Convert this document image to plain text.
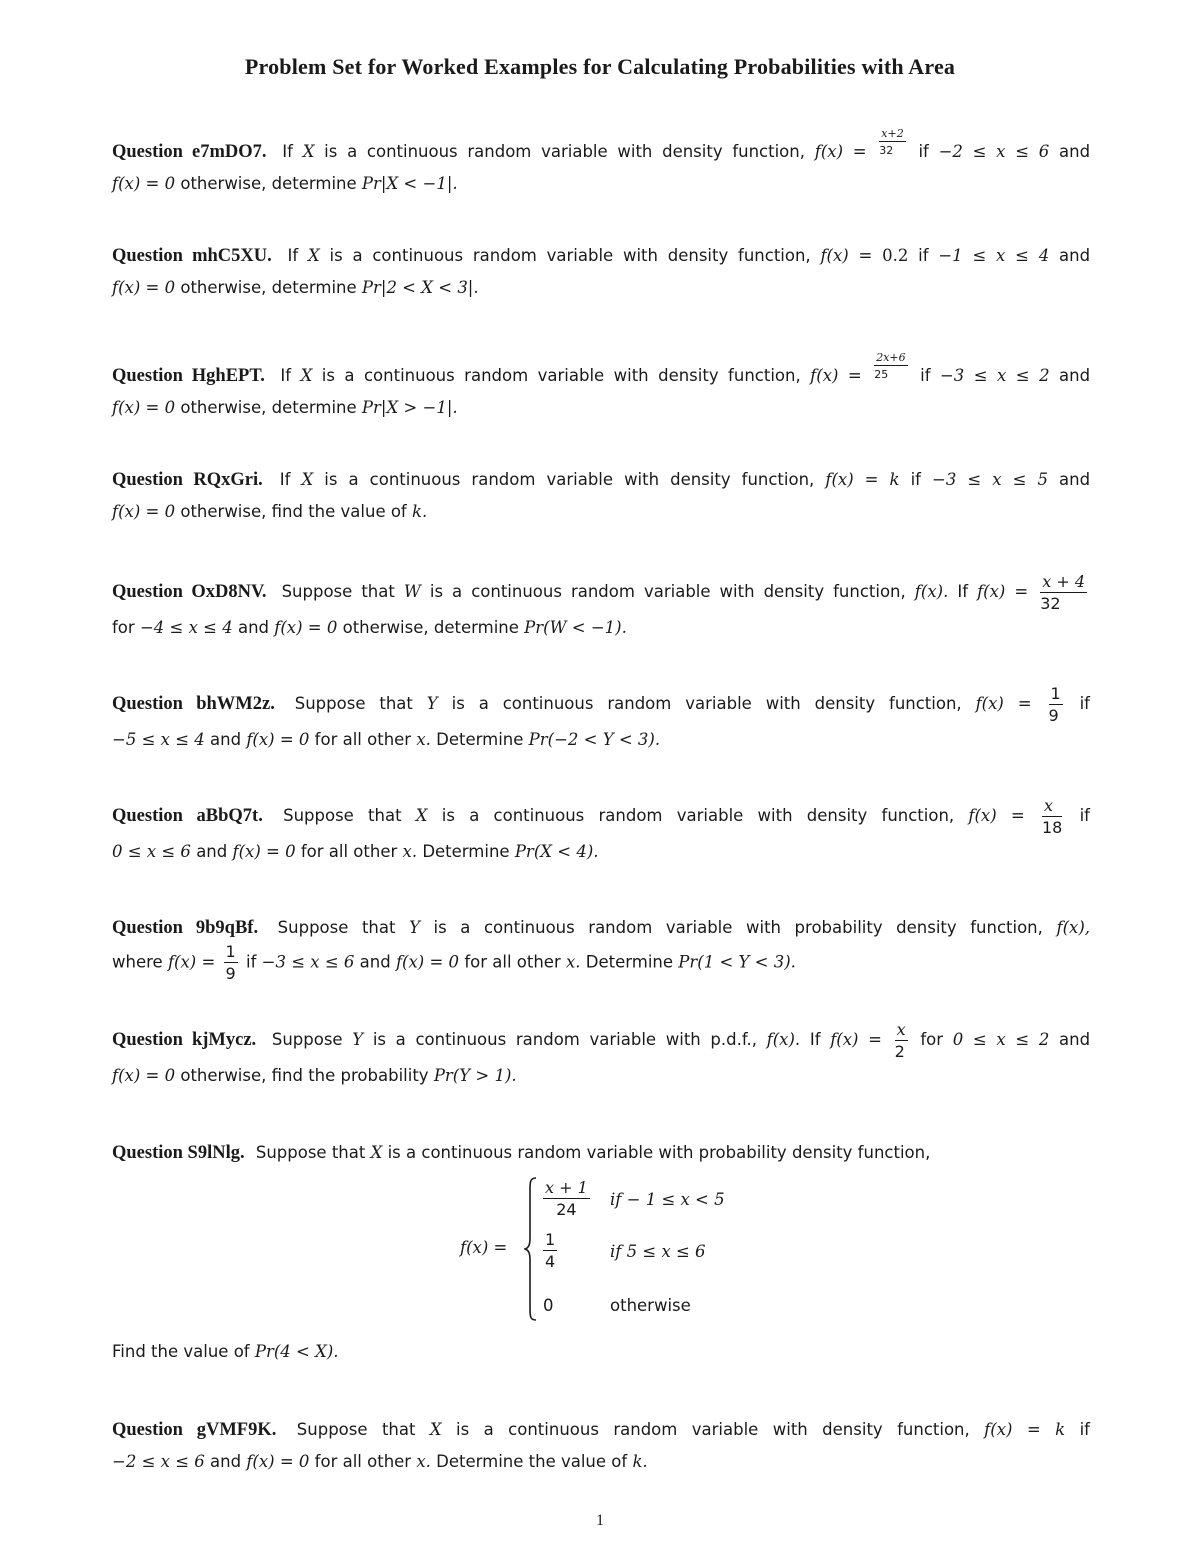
Problem Set for Worked Examples for Calculating Probabilities with Area
Question e7mDO7. If X is a continuous random variable with density function, $f(x) = \frac{x+2}{32}$ if −2 ≤ x ≤ 6 and
f(x) = 0 otherwise, determine Pr|X < −1|.
Question mhC5XU. If X is a continuous random variable with density function, f(x) = 0.2 if −1 ≤ x ≤ 4 and
f(x) = 0 otherwise, determine Pr|2 < X < 3|.
Question HghEPT. If X is a continuous random variable with density function, $f(x) = \frac{2x+6}{25}$ if −3 ≤ x ≤ 2 and
f(x) = 0 otherwise, determine Pr|X > −1|.
Question RQxGri. If X is a continuous random variable with density function, f(x) = k if −3 ≤ x ≤ 5 and
f(x) = 0 otherwise, find the value of k.
Question OxD8NV. Suppose that W is a continuous random variable with density function, f(x). If $f(x) = \frac{x + 4}{32}$
for −4 ≤ x ≤ 4 and f(x) = 0 otherwise, determine Pr(W < −1).
Question bhWM2z. Suppose that Y is a continuous random variable with density function, $f(x) = \frac{1}{9}$ if
−5 ≤ x ≤ 4 and f(x) = 0 for all other x. Determine Pr(−2 < Y < 3).
Question aBbQ7t. Suppose that X is a continuous random variable with density function, $f(x) = \frac{x}{18}$ if
0 ≤ x ≤ 6 and f(x) = 0 for all other x. Determine Pr(X < 4).
Question 9b9qBf. Suppose that Y is a continuous random variable with probability density function, f(x),
where $f(x) = \frac{1}{9}$ if −3 ≤ x ≤ 6 and f(x) = 0 for all other x. Determine Pr(1 < Y < 3).
Question kjMycz. Suppose Y is a continuous random variable with p.d.f., f(x). If $f(x) = \frac{x}{2}$ for 0 ≤ x ≤ 2 and
f(x) = 0 otherwise, find the probability Pr(Y > 1).
Question S9lNlg. Suppose that X is a continuous random variable with probability density function,
f(x) =
$\frac{x + 1}{24}$ if − 1 ≤ x < 5
$\frac{1}{4}$	if 5 ≤ x ≤ 6
0	otherwise
Find the value of Pr(4 < X).
Question gVMF9K. Suppose that X is a continuous random variable with density function, f(x) = k if
−2 ≤ x ≤ 6 and f(x) = 0 for all other x. Determine the value of k.
1
